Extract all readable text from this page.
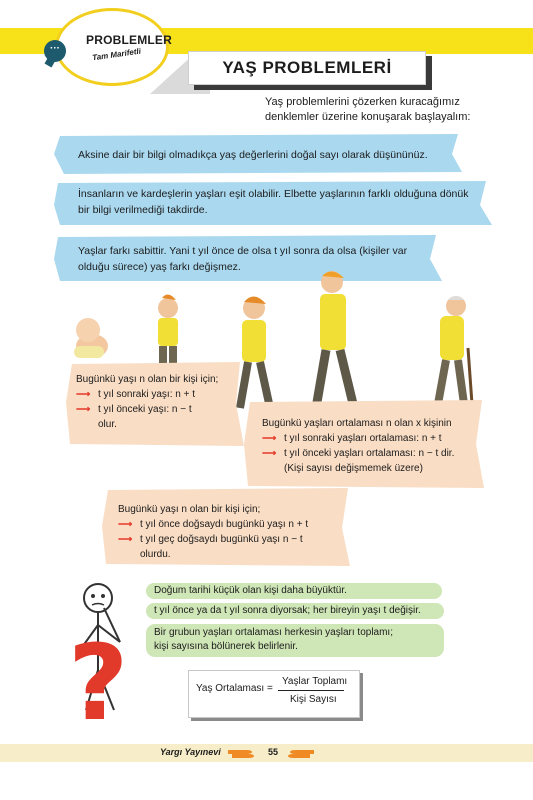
PROBLEMLER
Tam Marifetli
···
YAŞ PROBLEMLERİ
Yaş problemlerini çözerken kuracağımız denklemler üzerine konuşarak başlayalım:
Aksine dair bir bilgi olmadıkça yaş değerlerini doğal sayı olarak düşününüz.
İnsanların ve kardeşlerin yaşları eşit olabilir. Elbette yaşlarının farklı olduğuna dönük bir bilgi verilmediği takdirde.
Yaşlar farkı sabittir. Yani t yıl önce de olsa t yıl sonra da olsa (kişiler var olduğu sürece) yaş farkı değişmez.
Bugünkü yaşı n olan bir kişi için;
⟶ t yıl sonraki yaşı: n + t
⟶ t yıl önceki yaşı: n − t
olur.	Bugünkü yaşları ortalaması n olan x kişinin
⟶ t yıl sonraki yaşları ortalaması: n + t
⟶ t yıl önceki yaşları ortalaması: n − t dir.
(Kişi sayısı değişmemek üzere)
Bugünkü yaşı n olan bir kişi için;
⟶ t yıl önce doğsaydı bugünkü yaşı n + t
⟶ t yıl geç doğsaydı bugünkü yaşı n − t
olurdu.
?
Doğum tarihi küçük olan kişi daha büyüktür.
t yıl önce ya da t yıl sonra diyorsak; her bireyin yaşı t değişir.
Bir grubun yaşları ortalaması herkesin yaşları toplamı;
kişi sayısına bölünerek belirlenir.
Yaş Ortalaması =
Yaşlar Toplamı
Kişi Sayısı
Yargı Yayınevi	55
